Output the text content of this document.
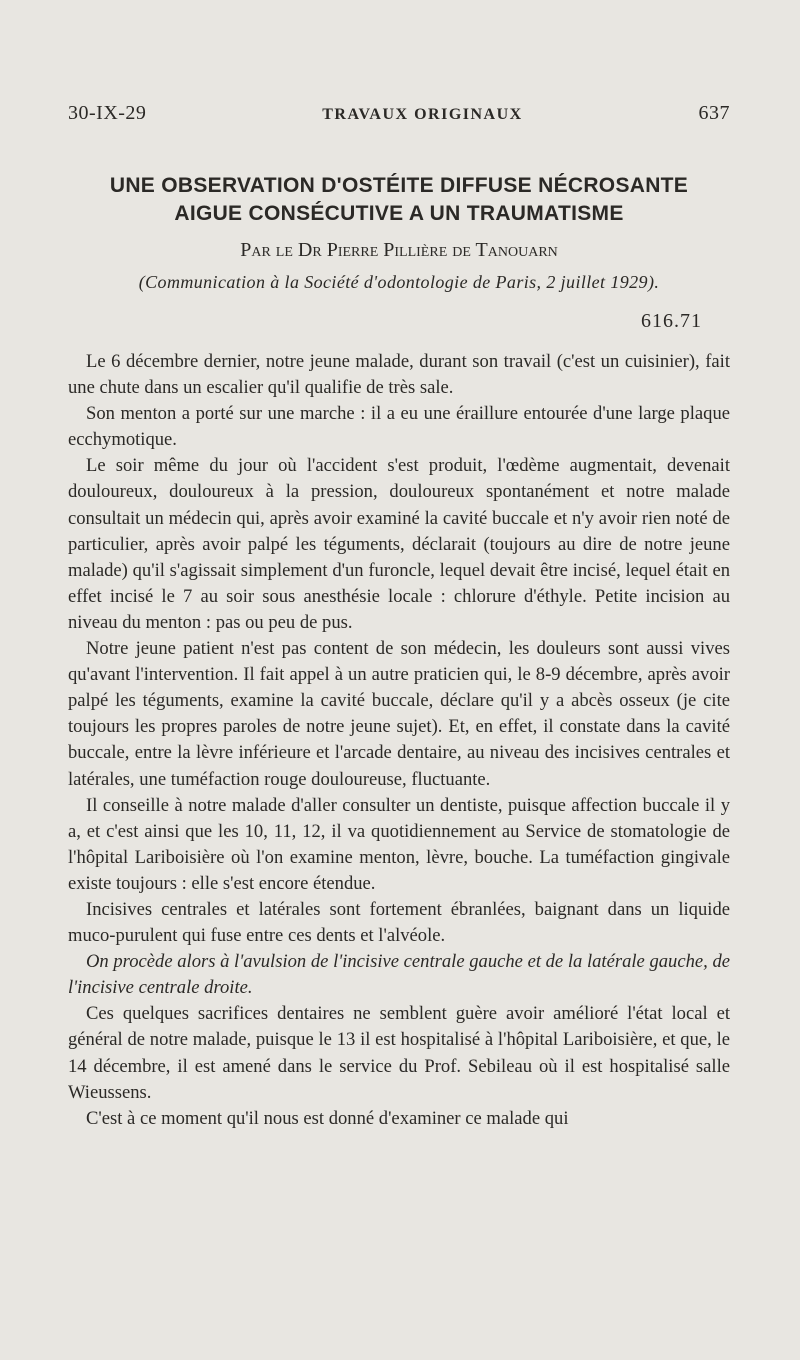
30-IX-29	TRAVAUX ORIGINAUX	637
UNE OBSERVATION D'OSTÉITE DIFFUSE NÉCROSANTE
AIGUE CONSÉCUTIVE A UN TRAUMATISME
Par le Dr Pierre Pillière de Tanouarn
(Communication à la Société d'odontologie de Paris, 2 juillet 1929).
616.71

Le 6 décembre dernier, notre jeune malade, durant son travail (c'est un cuisinier), fait une chute dans un escalier qu'il qualifie de très sale.

Son menton a porté sur une marche : il a eu une éraillure entourée d'une large plaque ecchymotique.

Le soir même du jour où l'accident s'est produit, l'œdème augmentait, devenait douloureux, douloureux à la pression, douloureux spontanément et notre malade consultait un médecin qui, après avoir examiné la cavité buccale et n'y avoir rien noté de particulier, après avoir palpé les téguments, déclarait (toujours au dire de notre jeune malade) qu'il s'agissait simplement d'un furoncle, lequel devait être incisé, lequel était en effet incisé le 7 au soir sous anesthésie locale : chlorure d'éthyle. Petite incision au niveau du menton : pas ou peu de pus.

Notre jeune patient n'est pas content de son médecin, les douleurs sont aussi vives qu'avant l'intervention. Il fait appel à un autre praticien qui, le 8-9 décembre, après avoir palpé les téguments, examine la cavité buccale, déclare qu'il y a abcès osseux (je cite toujours les propres paroles de notre jeune sujet). Et, en effet, il constate dans la cavité buccale, entre la lèvre inférieure et l'arcade dentaire, au niveau des incisives centrales et latérales, une tuméfaction rouge douloureuse, fluctuante.

Il conseille à notre malade d'aller consulter un dentiste, puisque affection buccale il y a, et c'est ainsi que les 10, 11, 12, il va quotidiennement au Service de stomatologie de l'hôpital Lariboisière où l'on examine menton, lèvre, bouche. La tuméfaction gingivale existe toujours : elle s'est encore étendue.

Incisives centrales et latérales sont fortement ébranlées, baignant dans un liquide muco-purulent qui fuse entre ces dents et l'alvéole.

On procède alors à l'avulsion de l'incisive centrale gauche et de la latérale gauche, de l'incisive centrale droite.

Ces quelques sacrifices dentaires ne semblent guère avoir amélioré l'état local et général de notre malade, puisque le 13 il est hospitalisé à l'hôpital Lariboisière, et que, le 14 décembre, il est amené dans le service du Prof. Sebileau où il est hospitalisé salle Wieussens.

C'est à ce moment qu'il nous est donné d'examiner ce malade qui
